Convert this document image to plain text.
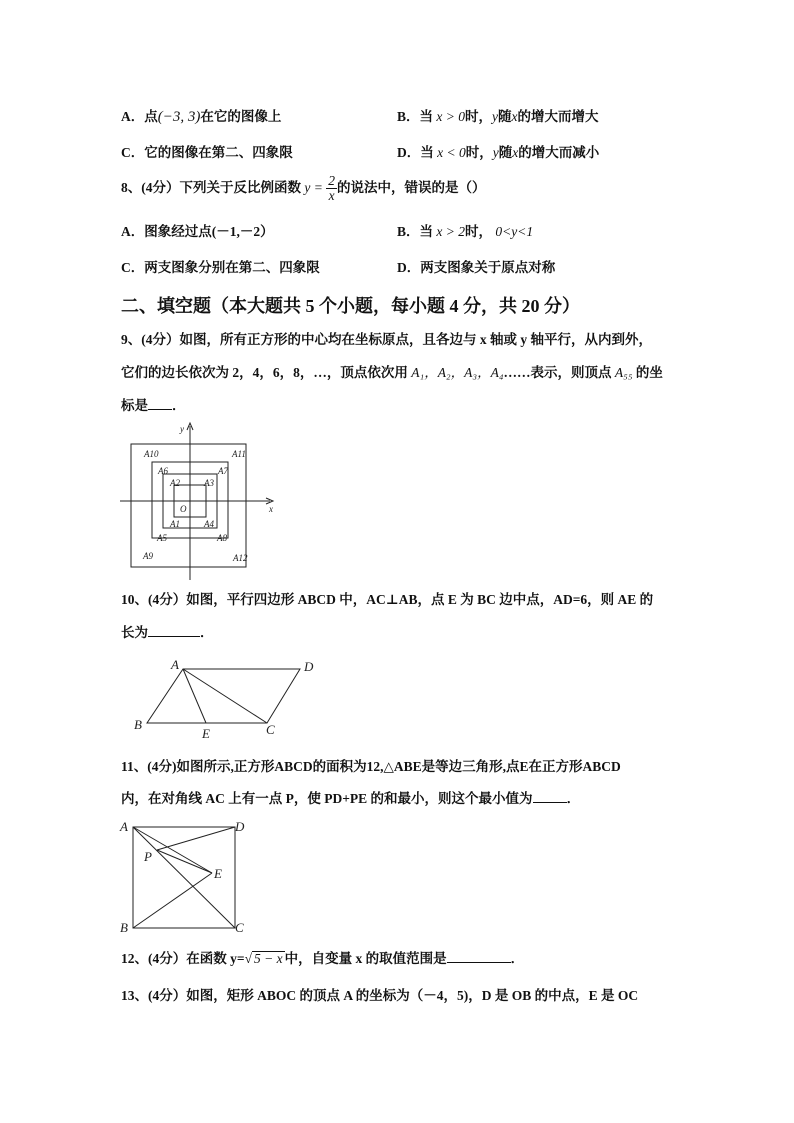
A．点(−3, 3)在它的图像上	B．当 x > 0时，y随x的增大而增大
C．它的图像在第二、四象限	D．当 x < 0时，y随x的增大而减小
8、(4分）下列关于反比例函数 $y = \frac{2}{x}$ 的说法中，错误的是（）
A．图象经过点(－1,－2）	B．当 x > 2时， 0<y<1
C．两支图象分别在第二、四象限	D．两支图象关于原点对称
二、填空题（本大题共 5 个小题，每小题 4 分，共 20 分）
9、(4分）如图，所有正方形的中心均在坐标原点，且各边与 x 轴或 y 轴平行，从内到外，
它们的边长依次为 2，4，6，8，…，顶点依次用 A₁，A₂，A₃，A₄……表示，则顶点 A₅₅ 的坐
标是 ．
y
x
O
A1
A2	A3
A4
A5
A6	A7
A8
A9
A10	A11
A12
10、(4分）如图，平行四边形 ABCD 中，AC⊥AB，点 E 为 BC 边中点，AD=6，则 AE 的
长为	．
A	D
B	C
E
11、(4分)如图所示,正方形ABCD的面积为12,△ABE是等边三角形,点E在正方形ABCD
内，在对角线 AC 上有一点 P，使 PD+PE 的和最小，则这个最小值为	．
A	D
P
E
B	C
12、(4分）在函数 y=√ 5 − x 中，自变量 x 的取值范围是	．
13、(4分）如图，矩形 ABOC 的顶点 A 的坐标为（－4，5)，D 是 OB 的中点，E 是 OC
